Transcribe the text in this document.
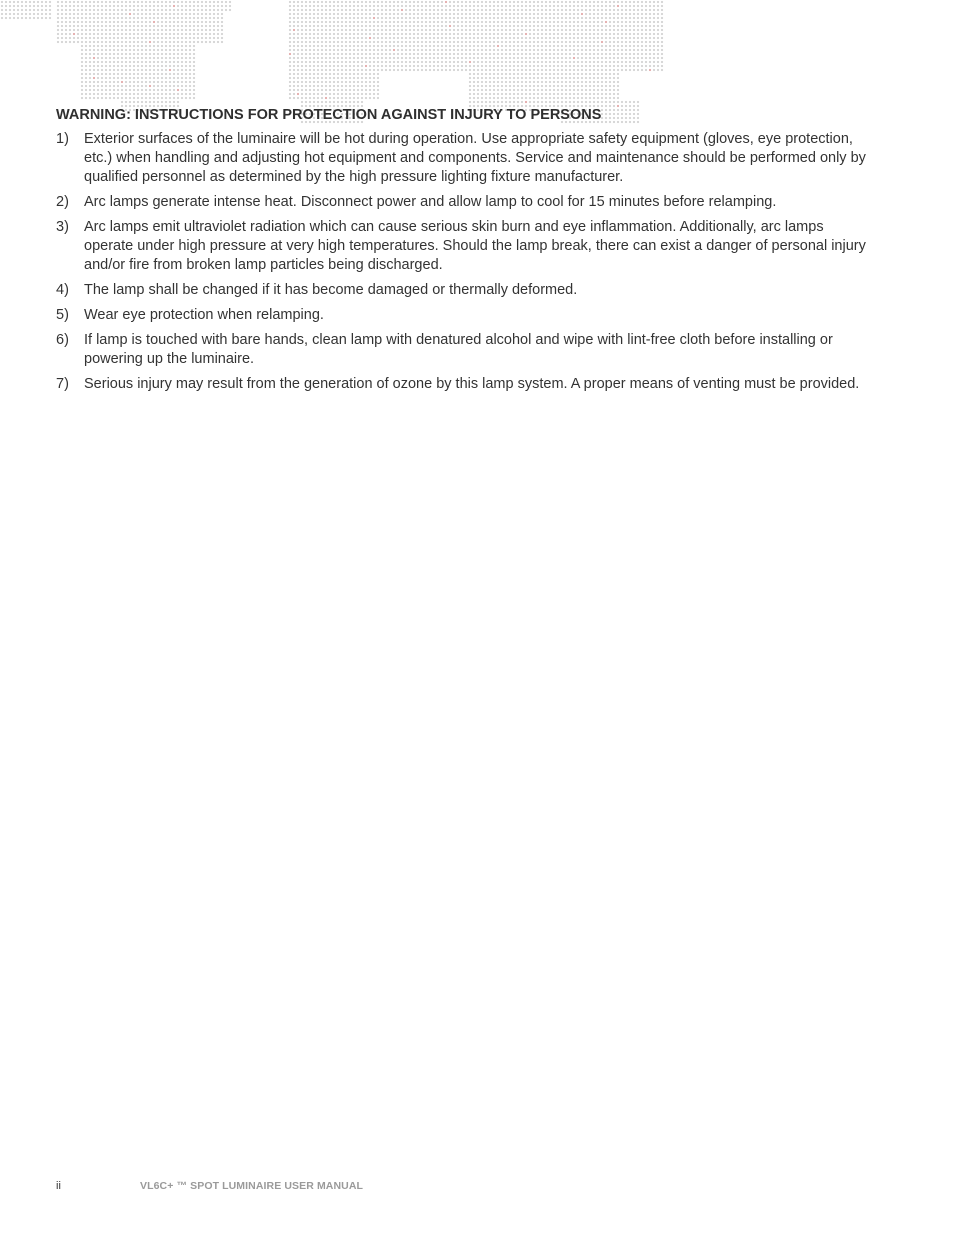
WARNING: INSTRUCTIONS FOR PROTECTION AGAINST INJURY TO PERSONS
1)	Exterior surfaces of the luminaire will be hot during operation. Use appropriate safety equipment (gloves, eye protection, etc.) when handling and adjusting hot equipment and components. Service and maintenance should be performed only by qualified personnel as determined by the high pressure lighting fixture manufacturer.
2)	Arc lamps generate intense heat. Disconnect power and allow lamp to cool for 15 minutes before relamping.
3)	Arc lamps emit ultraviolet radiation which can cause serious skin burn and eye inflammation. Additionally, arc lamps operate under high pressure at very high temperatures. Should the lamp break, there can exist a danger of personal injury and/or fire from broken lamp particles being discharged.
4)	The lamp shall be changed if it has become damaged or thermally deformed.
5)	Wear eye protection when relamping.
6)	If lamp is touched with bare hands, clean lamp with denatured alcohol and wipe with lint-free cloth before installing or powering up the luminaire.
7)	Serious injury may result from the generation of ozone by this lamp system. A proper means of venting must be provided.
ii	VL6C+ ™ SPOT LUMINAIRE USER MANUAL
